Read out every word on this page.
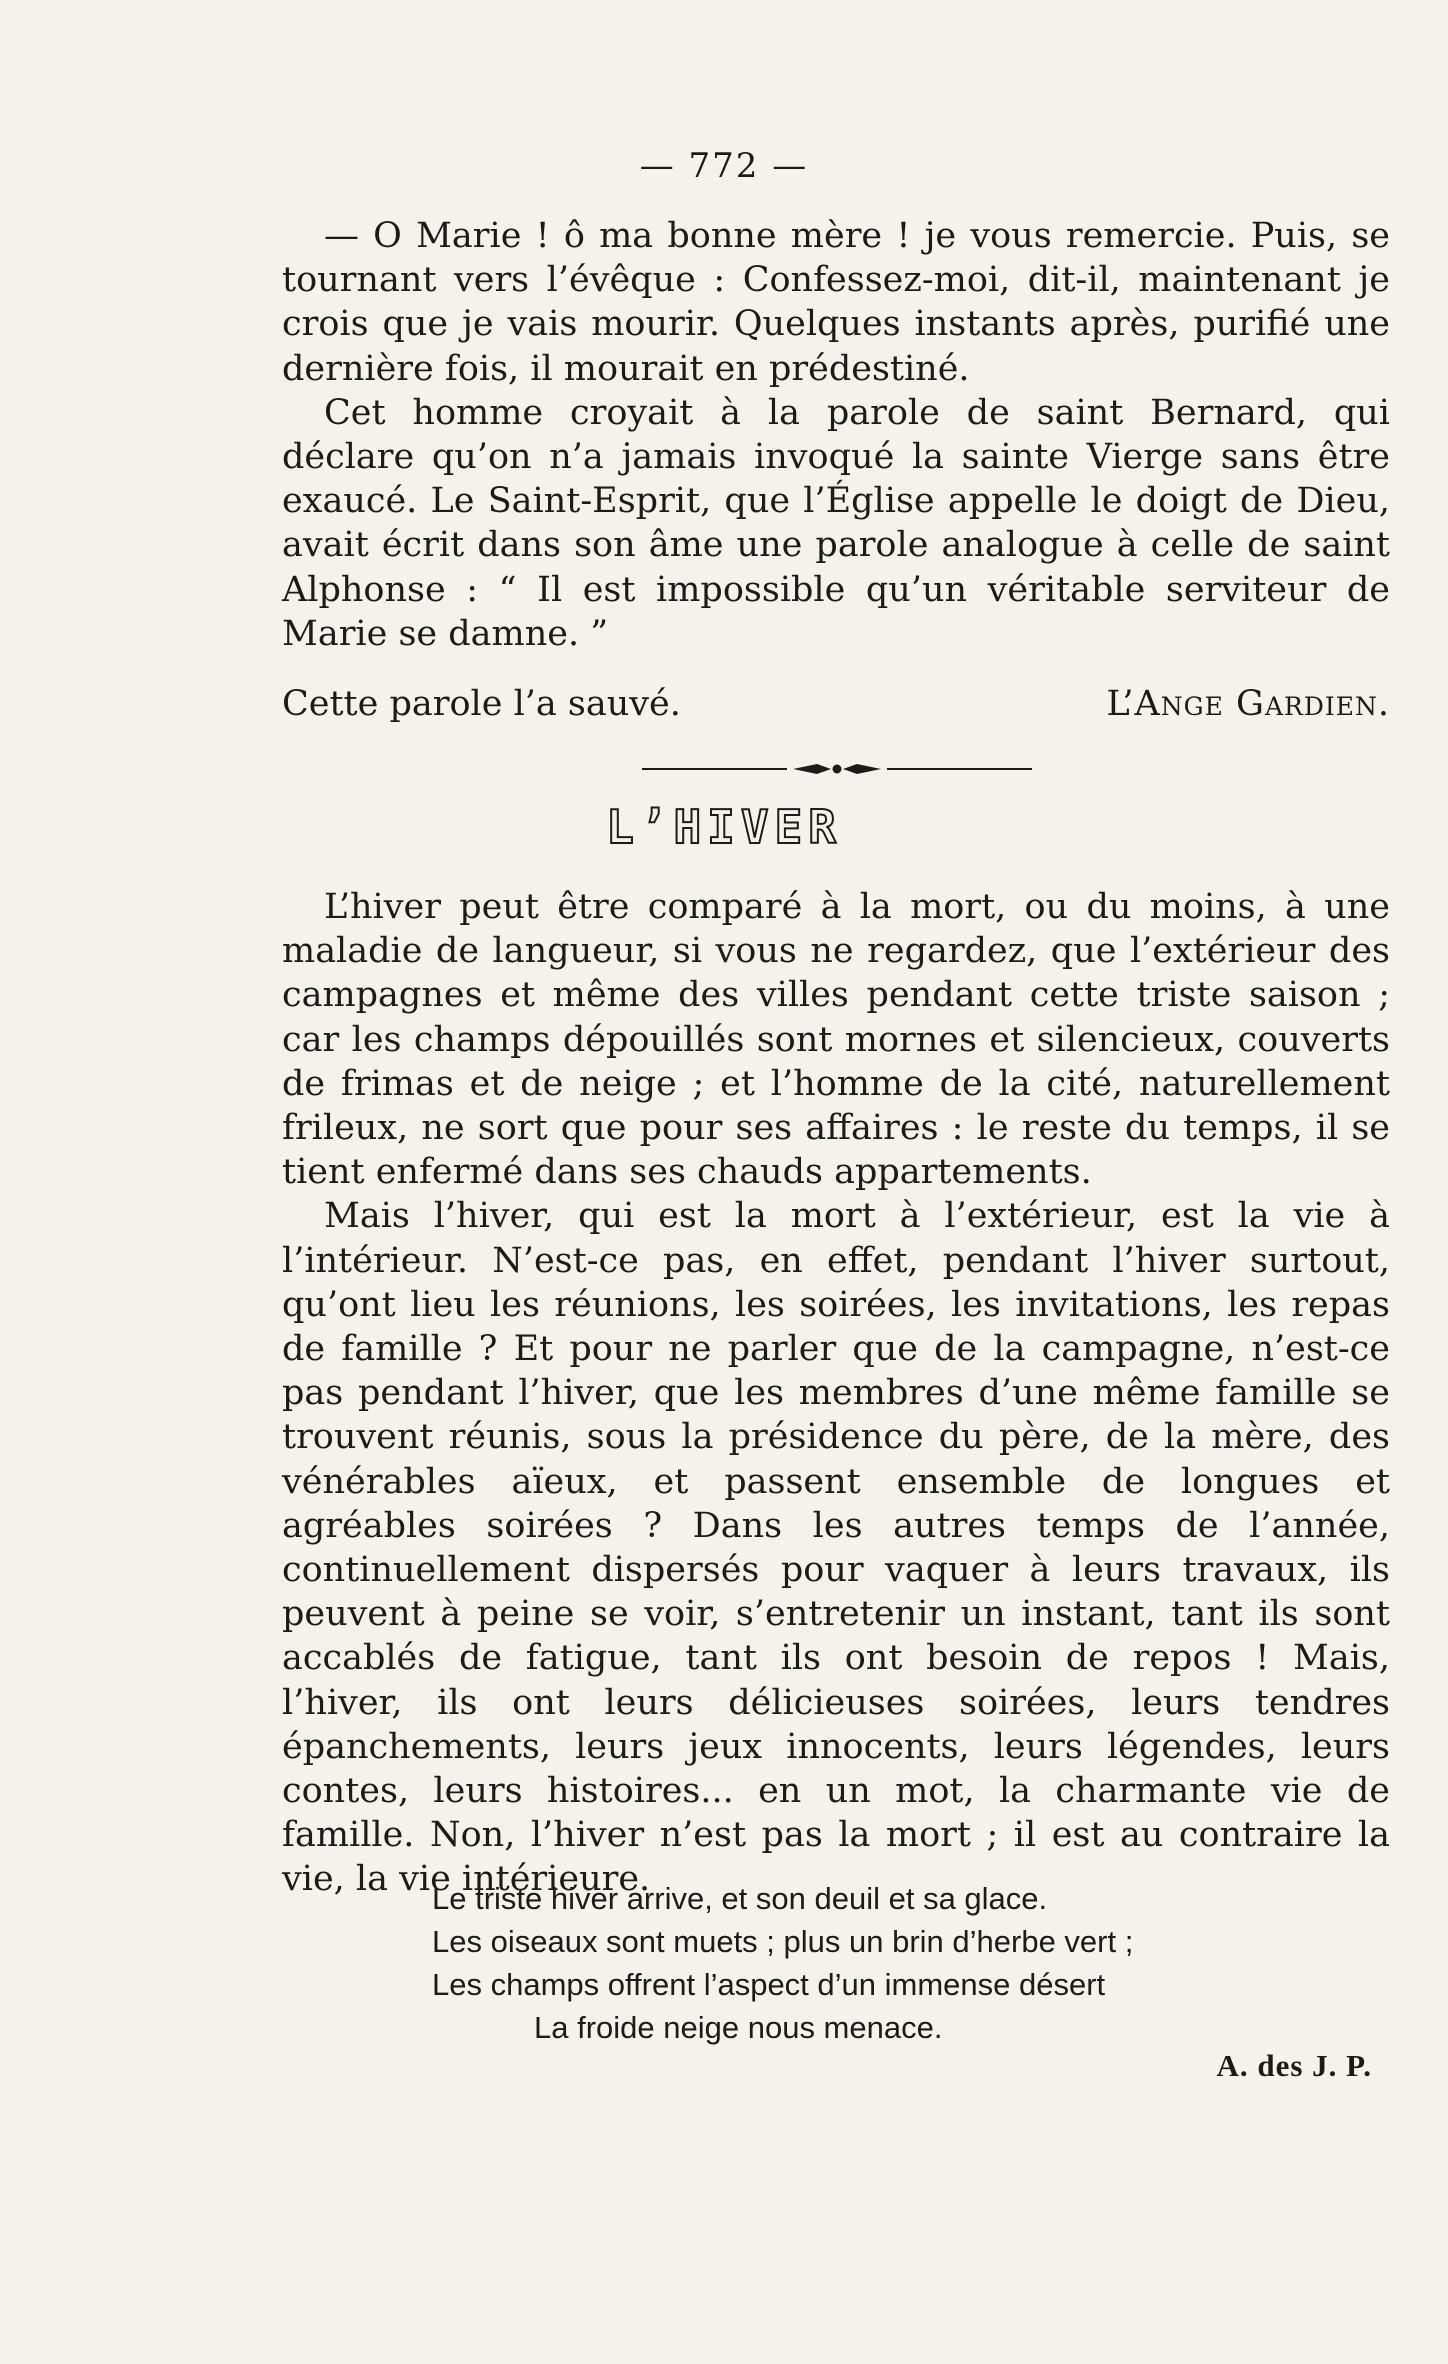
— 772 —

— O Marie ! ô ma bonne mère ! je vous remercie. Puis, se tournant vers l’évêque : Confessez-moi, dit-il, maintenant je crois que je vais mourir. Quelques instants après, purifié une dernière fois, il mourait en prédestiné.

Cet homme croyait à la parole de saint Bernard, qui déclare qu’on n’a jamais invoqué la sainte Vierge sans être exaucé. Le Saint-Esprit, que l’Église appelle le doigt de Dieu, avait écrit dans son âme une parole analogue à celle de saint Alphonse : “ Il est impossible qu’un véritable serviteur de Marie se damne. ”

Cette parole l’a sauvé.	L’Ange Gardien.
L’HIVER

L’hiver peut être comparé à la mort, ou du moins, à une maladie de langueur, si vous ne regardez, que l’extérieur des campagnes et même des villes pendant cette triste saison ; car les champs dépouillés sont mornes et silencieux, couverts de frimas et de neige ; et l’homme de la cité, naturellement frileux, ne sort que pour ses affaires : le reste du temps, il se tient enfermé dans ses chauds appartements.

Mais l’hiver, qui est la mort à l’extérieur, est la vie à l’intérieur. N’est-ce pas, en effet, pendant l’hiver surtout, qu’ont lieu les réunions, les soirées, les invitations, les repas de famille ? Et pour ne parler que de la campagne, n’est-ce pas pendant l’hiver, que les membres d’une même famille se trouvent réunis, sous la présidence du père, de la mère, des vénérables aïeux, et passent ensemble de longues et agréables soirées ? Dans les autres temps de l’année, continuellement dispersés pour vaquer à leurs travaux, ils peuvent à peine se voir, s’entretenir un instant, tant ils sont accablés de fatigue, tant ils ont besoin de repos ! Mais, l’hiver, ils ont leurs délicieuses soirées, leurs tendres épanchements, leurs jeux innocents, leurs légendes, leurs contes, leurs histoires... en un mot, la charmante vie de famille. Non, l’hiver n’est pas la mort ; il est au contraire la vie, la vie intérieure.

Le triste hiver arrive, et son deuil et sa glace.
Les oiseaux sont muets ; plus un brin d’herbe vert ;
Les champs offrent l’aspect d’un immense désert
La froide neige nous menace.
A. des J. P.
